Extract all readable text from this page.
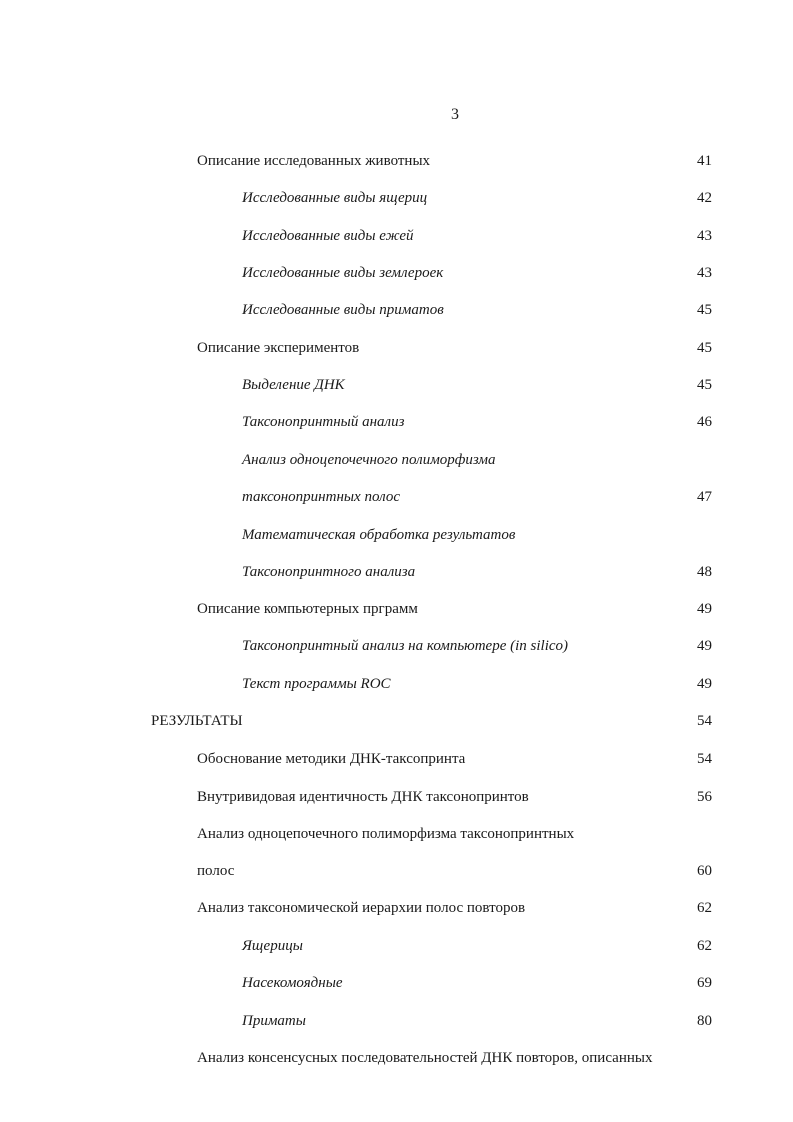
3
Описание исследованных животных	41
Исследованные виды ящериц	42
Исследованные виды ежей	43
Исследованные виды землероек	43
Исследованные виды приматов	45
Описание экспериментов	45
Выделение ДНК	45
Таксонопринтный анализ	46
Анализ одноцепочечного полиморфизма
таксонопринтных полос	47
Математическая обработка результатов
Таксонопринтного анализа	48
Описание компьютерных прграмм	49
Таксонопринтный анализ на компьютере (in silico)	49
Текст программы ROC	49
РЕЗУЛЬТАТЫ	54
Обоснование методики ДНК-таксопринта	54
Внутривидовая идентичность ДНК таксонопринтов	56
Анализ одноцепочечного полиморфизма таксонопринтных
полос	60
Анализ таксономической иерархии полос повторов	62
Ящерицы	62
Насекомоядные	69
Приматы	80
Анализ консенсусных последовательностей ДНК повторов, описанных
